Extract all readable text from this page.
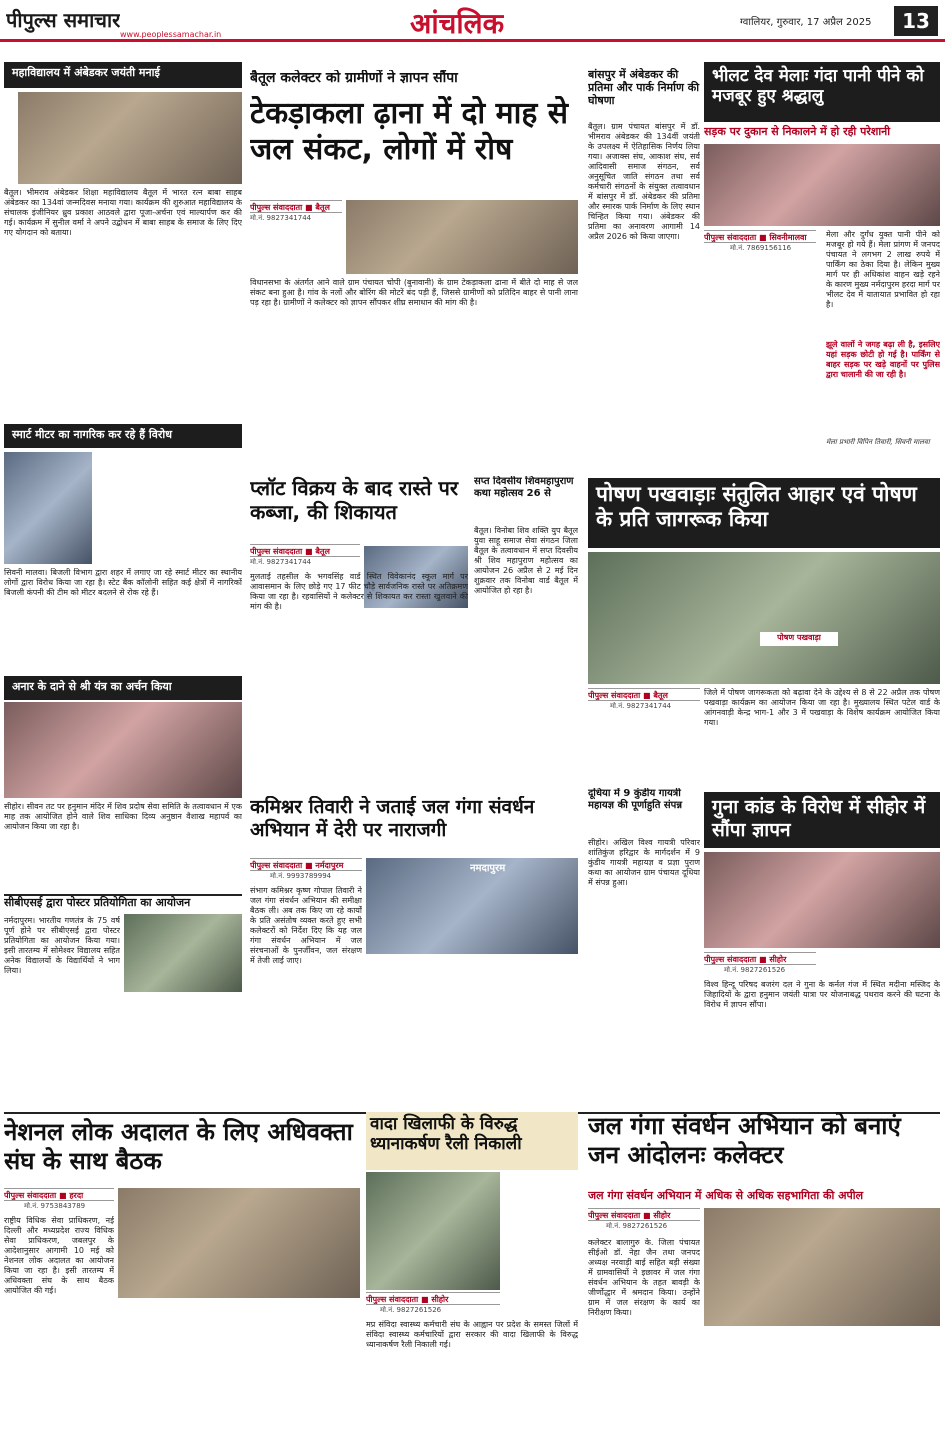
पीपुल्स समाचार
www.peoplessamachar.in	आंचलिक	ग्वालियर, गुरुवार, 17 अप्रैल 2025	13
महाविद्यालय में अंबेडकर जयंती मनाई
बैतूल। भीमराव अंबेडकर शिक्षा महाविद्यालय बैतूल में भारत रत्न बाबा साहब अंबेडकर का 134वां जन्मदिवस मनाया गया। कार्यक्रम की शुरुआत महाविद्यालय के संचालक इंजीनियर ध्रुव प्रकाश आठवले द्वारा पूजा-अर्चना एवं माल्यार्पण कर की गई। कार्यक्रम में सुनील वर्मा ने अपने उद्बोधन में बाबा साहब के समाज के लिए दिए गए योगदान को बताया।
स्मार्ट मीटर का नागरिक कर रहे हैं विरोध
सिवनी मालवा। बिजली विभाग द्वारा शहर में लगाए जा रहे स्मार्ट मीटर का स्थानीय लोगों द्वारा विरोध किया जा रहा है। स्टेट बैंक कॉलोनी सहित कई क्षेत्रों में नागरिकों बिजली कंपनी की टीम को मीटर बदलने से रोक रहे हैं।
अनार के दाने से श्री यंत्र का अर्चन किया
सीहोर। सीवन तट पर हनुमान मंदिर में शिव प्रदोष सेवा समिति के तत्वावधान में एक माह तक आयोजित होने वाले शिव साधिका दिव्य अनुष्ठान वैशाख महापर्व का आयोजन किया जा रहा है।
सीबीएसई द्वारा पोस्टर प्रतियोगिता का आयोजन
नर्मदापुरम। भारतीय गणतंत्र के 75 वर्ष पूर्ण होने पर सीबीएसई द्वारा पोस्टर प्रतियोगिता का आयोजन किया गया। इसी तारतम्य में सोमेश्वर विद्यालय सहित अनेक विद्यालयों के विद्यार्थियों ने भाग लिया।
बैतूल कलेक्टर को ग्रामीणों ने ज्ञापन सौंपा
टेकड़ाकला ढ़ाना में दो माह से जल संकट, लोगों में रोष
पीपुल्स संवाददाता ■ बैतूल
मो.नं. 9827341744
विधानसभा के अंतर्गत आने वाले ग्राम पंचायत चोपी (बुनावानी) के ग्राम टेकड़ाकला ढाना में बीते दो माह से जल संकट बना हुआ है। गांव के नलों और बोरिंग की मोटरें बंद पड़ी हैं, जिससे ग्रामीणों को प्रतिदिन बाहर से पानी लाना पड़ रहा है। ग्रामीणों ने कलेक्टर को ज्ञापन सौंपकर शीघ्र समाधान की मांग की है।
बांसपुर में अंबेडकर की प्रतिमा और पार्क निर्माण की घोषणा
बैतूल। ग्राम पंचायत बांसपुर में डॉ. भीमराव अंबेडकर की 134वीं जयंती के उपलक्ष्य में ऐतिहासिक निर्णय लिया गया। अजाक्स संघ, आकाश संघ, सर्व आदिवासी समाज संगठन, सर्व अनुसूचित जाति संगठन तथा सर्व कर्मचारी संगठनों के संयुक्त तत्वावधान में बांसपुर में डॉ. अंबेडकर की प्रतिमा और स्मारक पार्क निर्माण के लिए स्थान चिन्हित किया गया। अंबेडकर की प्रतिमा का अनावरण आगामी 14 अप्रैल 2026 को किया जाएगा।
भीलट देव मेलाः गंदा पानी पीने को मजबूर हुए श्रद्धालु
सड़क पर दुकान से निकालने में हो रही परेशानी
पीपुल्स संवाददाता ■ सिवनीमालवा
मो.नं. 7869156116
मेला और दुर्गंध युक्त पानी पीने को मजबूर हो गये हैं। मेला प्रांगण में जनपद पंचायत ने लगभग 2 लाख रुपये में पार्किंग का ठेका दिया है। लेकिन मुख्य मार्ग पर ही अधिकांश वाहन खड़े रहने के कारण मुख्य नर्मदापुरम हरदा मार्ग पर भीलट देव में यातायात प्रभावित हो रहा है।
झूले वालों ने जगह बढ़ा ली है, इसलिए यहां सड़क छोटी हो गई है। पार्किंग से बाहर सड़क पर खड़े वाहनों पर पुलिस द्वारा चालानी की जा रही है।
मेला प्रभारी विपिन तिवारी, सिवनी मालवा
प्लॉट विक्रय के बाद रास्ते पर कब्जा, की शिकायत
पीपुल्स संवाददाता ■ बैतूल
मो.नं. 9827341744
मुलताई तहसील के भगवसिंह वार्ड स्थित विवेकानंद स्कूल मार्ग पर आवासमान के लिए छोड़े गए 17 फीट चौड़े सार्वजनिक रास्ते पर अतिक्रमण किया जा रहा है। रहवासियों ने कलेक्टर से शिकायत कर रास्ता खुलवाने की मांग की है।
सप्त दिवसीय शिवमहापुराण कथा महोत्सव 26 से
बैतूल। विनोबा शिव शक्ति युप बैतूल युवा साहू समाज सेवा संगठन जिला बैतूल के तत्वावधान में सप्त दिवसीय श्री शिव महापुराण महोत्सव का आयोजन 26 अप्रैल से 2 मई दिन शुक्रवार तक विनोबा वार्ड बैतूल में आयोजित हो रहा है।
पोषण पखवाड़ाः संतुलित आहार एवं पोषण के प्रति जागरूक किया
पोषण पखवाड़ा
पीपुल्स संवाददाता ■ बैतूल
मो.नं. 9827341744
जिले में पोषण जागरूकता को बढ़ावा देने के उद्देश्य से 8 से 22 अप्रैल तक पोषण पखवाड़ा कार्यक्रम का आयोजन किया जा रहा है। मुख्यालय स्थित पटेल वार्ड के आंगनवाड़ी केन्द्र भाग-1 और 3 में पखवाड़ा के विशेष कार्यक्रम आयोजित किया गया।
कमिश्नर तिवारी ने जताई जल गंगा संवर्धन अभियान में देरी पर नाराजगी
पीपुल्स संवाददाता ■ नर्मदापुरम
मो.नं. 9993789994
नमदापुरम
संभाग कमिश्नर कृष्ण गोपाल तिवारी ने जल गंगा संवर्धन अभियान की समीक्षा बैठक ली। अब तक किए जा रहे कार्यों के प्रति असंतोष व्यक्त करते हुए सभी कलेक्टरों को निर्देश दिए कि यह जल गंगा संवर्धन अभियान में जल संरचनाओं के पुनर्जीवन, जल संरक्षण में तेजी लाई जाए।
दूधिया में 9 कुंडीय गायत्री महायज्ञ की पूर्णाहुति संपन्न
सीहोर। अखिल विश्व गायत्री परिवार शांतिकुंज हरिद्वार के मार्गदर्शन में 9 कुंडीय गायत्री महायज्ञ व प्रज्ञा पुराण कथा का आयोजन ग्राम पंचायत दूधिया में संपन्न हुआ।
गुना कांड के विरोध में सीहोर में सौंपा ज्ञापन
पीपुल्स संवाददाता ■ सीहोर
मो.नं. 9827261526
विश्व हिन्दू परिषद बजरंग दल ने गुना के कर्नल गंज में स्थित मदीना मस्जिद के जिहादियों के द्वारा हनुमान जयंती यात्रा पर योजनाबद्ध पथराव करने की घटना के विरोध में ज्ञापन सौंपा।
नेशनल लोक अदालत के लिए अधिवक्ता संघ के साथ बैठक
पीपुल्स संवाददाता ■ हरदा
मो.नं. 9753843789
राष्ट्रीय विधिक सेवा प्राधिकरण, नई दिल्ली और मध्यप्रदेश राज्य विधिक सेवा प्राधिकरण, जबलपुर के आदेशानुसार आगामी 10 मई को नेशनल लोक अदालत का आयोजन किया जा रहा है। इसी तारतम्य में अधिवक्ता संघ के साथ बैठक आयोजित की गई।
वादा खिलाफी के विरुद्ध ध्यानाकर्षण रैली निकाली
पीपुल्स संवाददाता ■ सीहोर
मो.नं. 9827261526
मप्र संविदा स्वास्थ्य कर्मचारी संघ के आह्वान पर प्रदेश के समस्त जिलों में संविदा स्वास्थ्य कर्मचारियों द्वारा सरकार की वादा खिलाफी के विरुद्ध ध्यानाकर्षण रैली निकाली गई।
जल गंगा संवर्धन अभियान को बनाएं जन आंदोलनः कलेक्टर
जल गंगा संवर्धन अभियान में अधिक से अधिक सहभागिता की अपील
पीपुल्स संवाददाता ■ सीहोर
मो.नं. 9827261526
कलेक्टर बालागुरु के. जिला पंचायत सीईओ डॉ. नेहा जैन तथा जनपद अध्यक्ष नरवाड़ी बाई सहित बड़ी संख्या में ग्रामवासियों ने इछावर में जल गंगा संवर्धन अभियान के तहत बावड़ी के जीर्णोद्धार में श्रमदान किया। उन्होंने ग्राम में जल संरक्षण के कार्य का निरीक्षण किया।
